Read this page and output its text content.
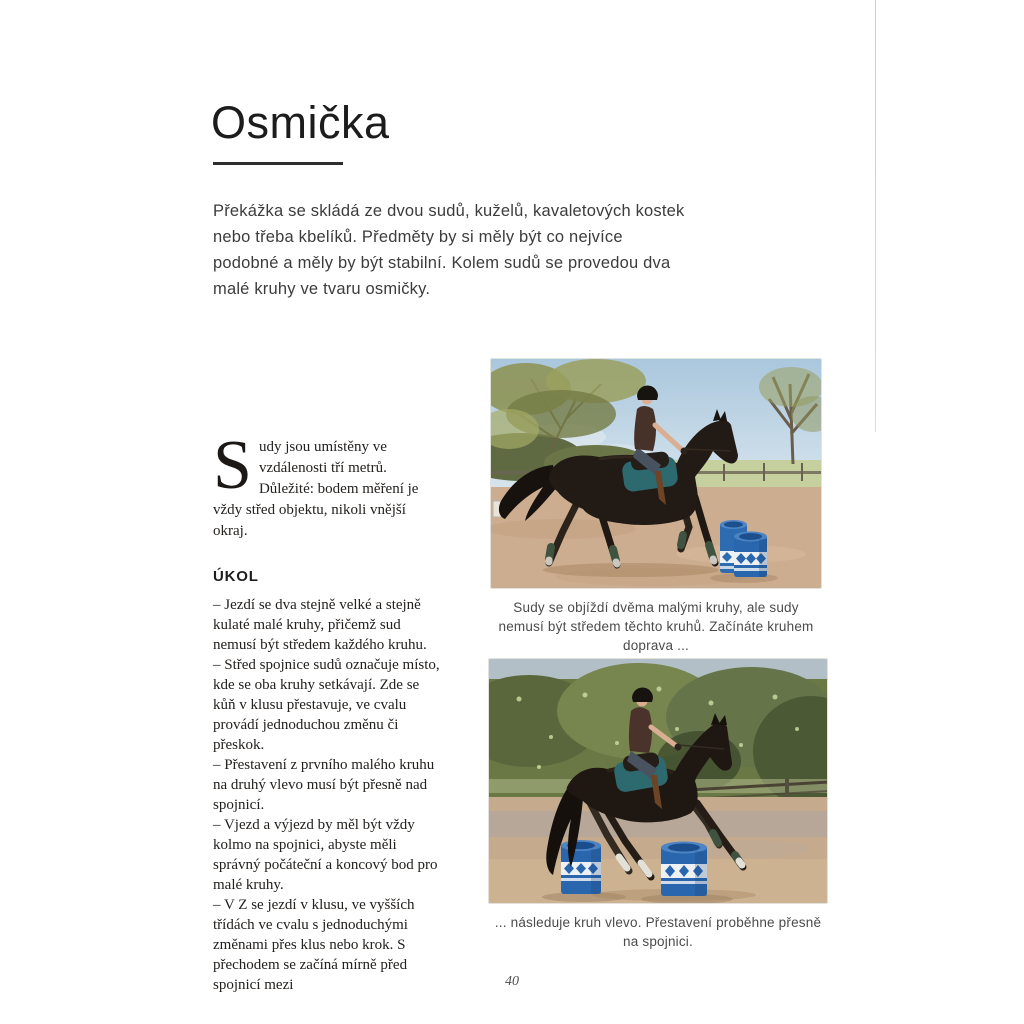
Osmička

Překážka se skládá ze dvou sudů, kuželů, kavaletových kostek nebo třeba kbelíků. Předměty by si měly být co nejvíce podobné a měly by být stabilní. Kolem sudů se provedou dva malé kruhy ve tvaru osmičky.

Sudy jsou umístěny ve vzdálenosti tří metrů. Důležité: bodem měření je vždy střed objektu, nikoli vnější okraj.

ÚKOL

– Jezdí se dva stejně velké a stejně kulaté malé kruhy, přičemž sud nemusí být středem každého kruhu.

– Střed spojnice sudů označuje místo, kde se oba kruhy setkávají. Zde se kůň v klusu přestavuje, ve cvalu provádí jednoduchou změnu či přeskok.

– Přestavení z prvního malého kruhu na druhý vlevo musí být přesně nad spojnicí.

– Vjezd a výjezd by měl být vždy kolmo na spojnici, abyste měli správný počáteční a koncový bod pro malé kruhy.

– V Z se jezdí v klusu, ve vyšších třídách ve cvalu s jednoduchými změnami přes klus nebo krok. S přechodem se začíná mírně před spojnicí mezi

Sudy se objíždí dvěma malými kruhy, ale sudy nemusí být středem těchto kruhů. Začínáte kruhem doprava ...
... následuje kruh vlevo. Přestavení proběhne přesně na spojnici.
40
